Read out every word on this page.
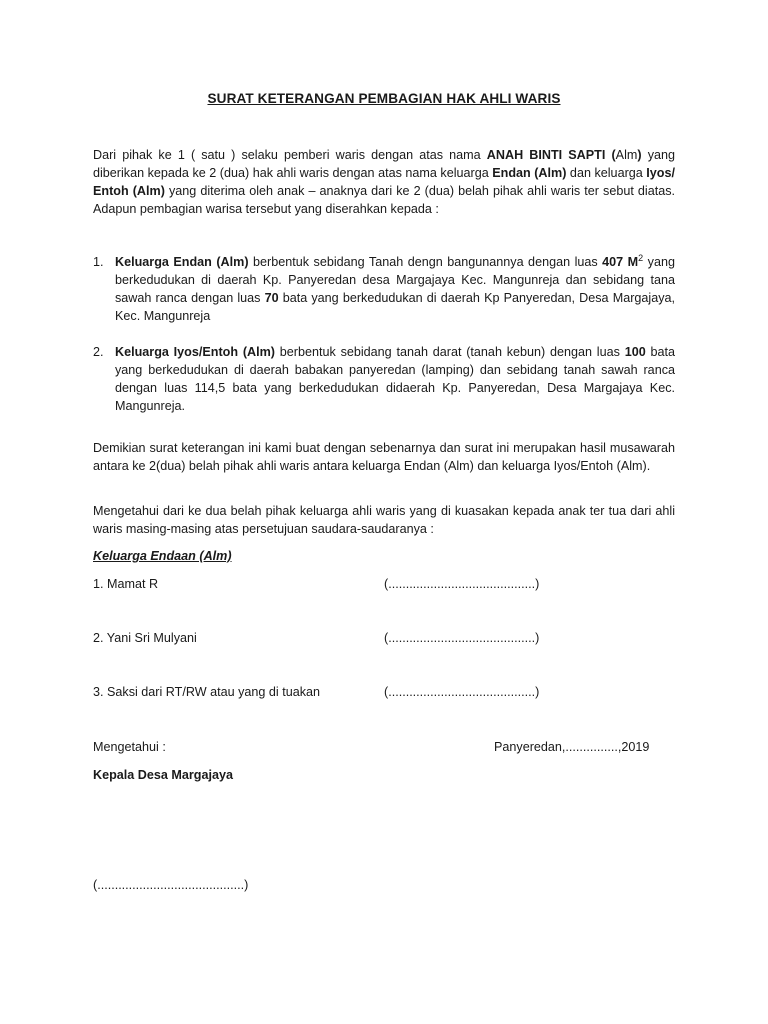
SURAT KETERANGAN PEMBAGIAN HAK AHLI WARIS
Dari pihak ke 1 ( satu ) selaku pemberi waris dengan atas nama ANAH BINTI SAPTI (Alm) yang diberikan kepada ke 2 (dua) hak ahli waris dengan atas nama keluarga Endan (Alm) dan keluarga Iyos/ Entoh (Alm) yang diterima oleh anak – anaknya dari ke 2 (dua) belah pihak ahli waris ter sebut diatas. Adapun pembagian warisa tersebut yang diserahkan kepada :
1. Keluarga Endan (Alm) berbentuk sebidang Tanah dengn bangunannya dengan luas 407 $M^2$ yang berkedudukan di daerah Kp. Panyeredan desa Margajaya Kec. Mangunreja dan sebidang tana sawah ranca dengan luas 70 bata yang berkedudukan di daerah Kp Panyeredan, Desa Margajaya, Kec. Mangunreja
2. Keluarga Iyos/Entoh (Alm) berbentuk sebidang tanah darat (tanah kebun) dengan luas 100 bata yang berkedudukan di daerah babakan panyeredan (lamping) dan sebidang tanah sawah ranca dengan luas 114,5 bata yang berkedudukan didaerah Kp. Panyeredan, Desa Margajaya Kec. Mangunreja.
Demikian surat keterangan ini kami buat dengan sebenarnya dan surat ini merupakan hasil musawarah antara ke 2(dua) belah pihak ahli waris antara keluarga Endan (Alm) dan keluarga Iyos/Entoh (Alm).
Mengetahui dari ke dua belah pihak keluarga ahli waris yang di kuasakan kepada anak ter tua dari ahli waris masing-masing atas persetujuan saudara-saudaranya :
Keluarga Endaan (Alm)
1. Mamat R	(..........................................)
2. Yani Sri Mulyani	(..........................................)
3. Saksi dari RT/RW atau yang di tuakan	(..........................................)
Mengetahui :	Panyeredan,...............,2019
Kepala Desa Margajaya
(..........................................)
